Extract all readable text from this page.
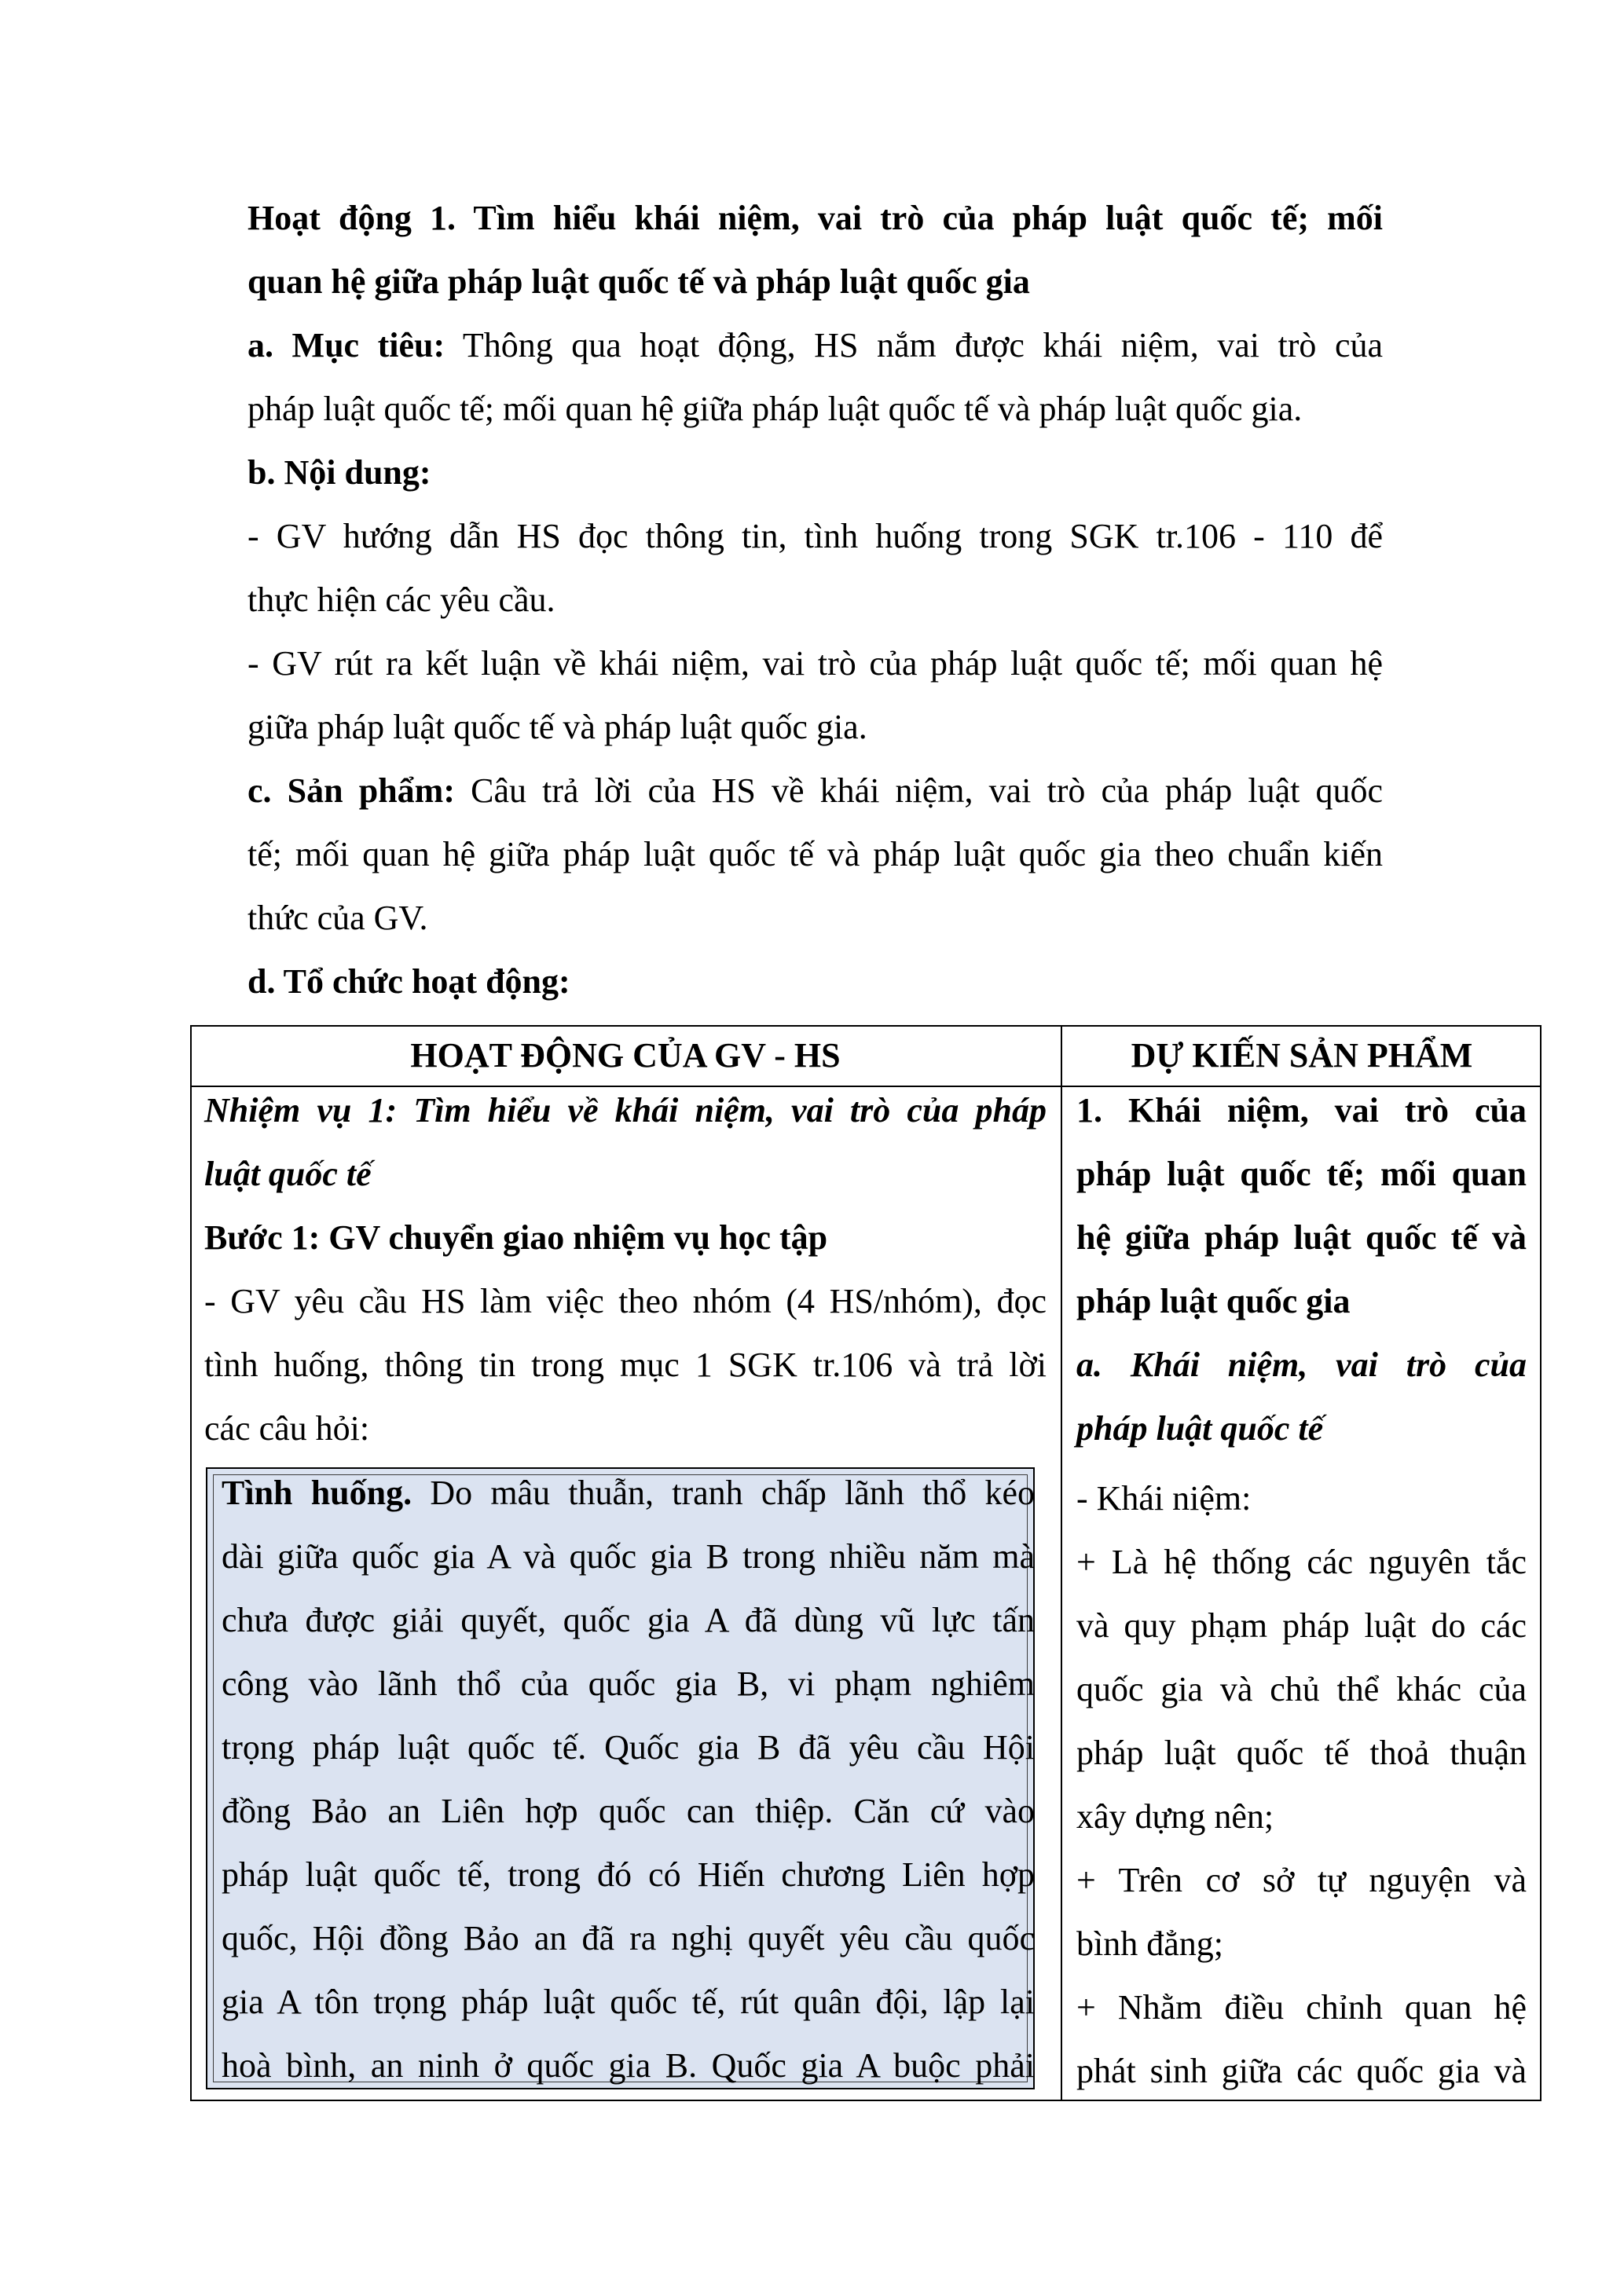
Hoạt động 1. Tìm hiểu khái niệm, vai trò của pháp luật quốc tế; mối
quan hệ giữa pháp luật quốc tế và pháp luật quốc gia
a. Mục tiêu: Thông qua hoạt động, HS nắm được khái niệm, vai trò của
pháp luật quốc tế; mối quan hệ giữa pháp luật quốc tế và pháp luật quốc gia.
b. Nội dung:
- GV hướng dẫn HS đọc thông tin, tình huống trong SGK tr.106 - 110 để
thực hiện các yêu cầu.
- GV rút ra kết luận về khái niệm, vai trò của pháp luật quốc tế; mối quan hệ
giữa pháp luật quốc tế và pháp luật quốc gia.
c. Sản phẩm: Câu trả lời của HS về khái niệm, vai trò của pháp luật quốc
tế; mối quan hệ giữa pháp luật quốc tế và pháp luật quốc gia theo chuẩn kiến
thức của GV.
d. Tổ chức hoạt động:
HOẠT ĐỘNG CỦA GV - HS	DỰ KIẾN SẢN PHẨM
Nhiệm vụ 1: Tìm hiểu về khái niệm, vai trò của pháp
luật quốc tế
Bước 1: GV chuyển giao nhiệm vụ học tập
- GV yêu cầu HS làm việc theo nhóm (4 HS/nhóm), đọc
tình huống, thông tin trong mục 1 SGK tr.106 và trả lời
các câu hỏi:
Tình huống. Do mâu thuẫn, tranh chấp lãnh thổ kéo
dài giữa quốc gia A và quốc gia B trong nhiều năm mà
chưa được giải quyết, quốc gia A đã dùng vũ lực tấn
công vào lãnh thổ của quốc gia B, vi phạm nghiêm
trọng pháp luật quốc tế. Quốc gia B đã yêu cầu Hội
đồng Bảo an Liên hợp quốc can thiệp. Căn cứ vào
pháp luật quốc tế, trong đó có Hiến chương Liên hợp
quốc, Hội đồng Bảo an đã ra nghị quyết yêu cầu quốc
gia A tôn trọng pháp luật quốc tế, rút quân đội, lập lại
hoà bình, an ninh ở quốc gia B. Quốc gia A buộc phải
1. Khái niệm, vai trò của
pháp luật quốc tế; mối quan
hệ giữa pháp luật quốc tế và
pháp luật quốc gia
a. Khái niệm, vai trò của
pháp luật quốc tế
- Khái niệm:
+ Là hệ thống các nguyên tắc
và quy phạm pháp luật do các
quốc gia và chủ thể khác của
pháp luật quốc tế thoả thuận
xây dựng nên;
+ Trên cơ sở tự nguyện và
bình đẳng;
+ Nhằm điều chỉnh quan hệ
phát sinh giữa các quốc gia và
